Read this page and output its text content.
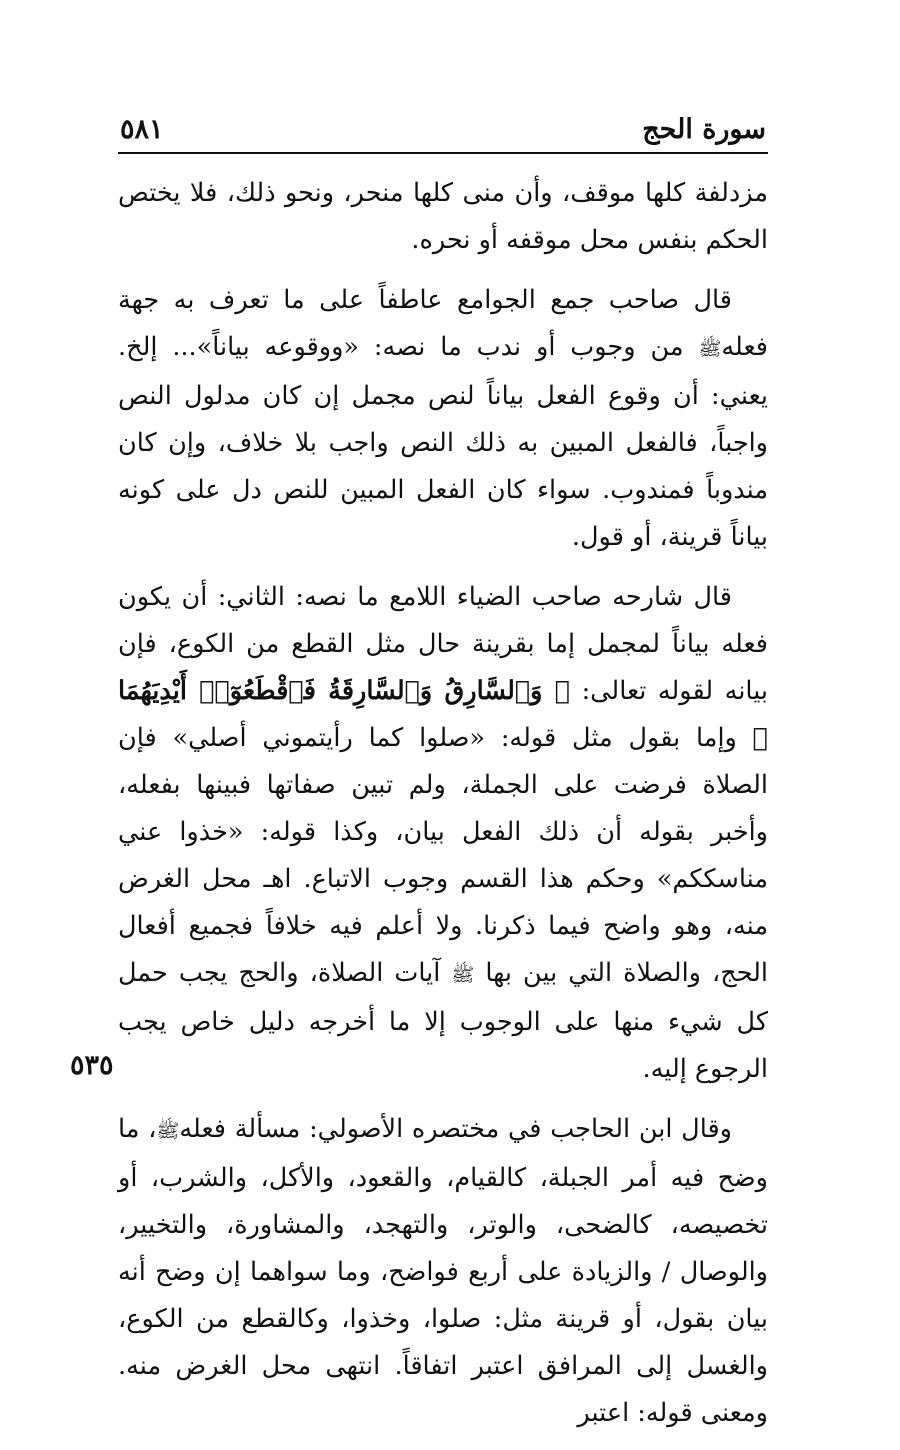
٥٨١	سورة الحج
٥٣٥

مزدلفة كلها موقف، وأن منى كلها منحر، ونحو ذلك، فلا يختص الحكم بنفس محل موقفه أو نحره.

قال صاحب جمع الجوامع عاطفاً على ما تعرف به جهة فعلهﷺ من وجوب أو ندب ما نصه: «ووقوعه بياناً»... إلخ. يعني: أن وقوع الفعل بياناً لنص مجمل إن كان مدلول النص واجباً، فالفعل المبين به ذلك النص واجب بلا خلاف، وإن كان مندوباً فمندوب. سواء كان الفعل المبين للنص دل على كونه بياناً قرينة، أو قول.

قال شارحه صاحب الضياء اللامع ما نصه: الثاني: أن يكون فعله بياناً لمجمل إما بقرينة حال مثل القطع من الكوع، فإن بيانه لقوله تعالى: ﴿ وَٱلسَّارِقُ وَٱلسَّارِقَةُ فَٱقْطَعُوٓا۟ أَيْدِيَهُمَا ﴾ وإما بقول مثل قوله: «صلوا كما رأيتموني أصلي» فإن الصلاة فرضت على الجملة، ولم تبين صفاتها فبينها بفعله، وأخبر بقوله أن ذلك الفعل بيان، وكذا قوله: «خذوا عني مناسككم» وحكم هذا القسم وجوب الاتباع. اهـ محل الغرض منه، وهو واضح فيما ذكرنا. ولا أعلم فيه خلافاً فجميع أفعال الحج، والصلاة التي بين بها ﷺ آيات الصلاة، والحج يجب حمل كل شيء منها على الوجوب إلا ما أخرجه دليل خاص يجب الرجوع إليه.

وقال ابن الحاجب في مختصره الأصولي: مسألة فعلهﷺ، ما وضح فيه أمر الجبلة، كالقيام، والقعود، والأكل، والشرب، أو تخصيصه، كالضحى، والوتر، والتهجد، والمشاورة، والتخيير، والوصال / والزيادة على أربع فواضح، وما سواهما إن وضح أنه بيان بقول، أو قرينة مثل: صلوا، وخذوا، وكالقطع من الكوع، والغسل إلى المرافق اعتبر اتفاقاً. انتهى محل الغرض منه. ومعنى قوله: اعتبر
